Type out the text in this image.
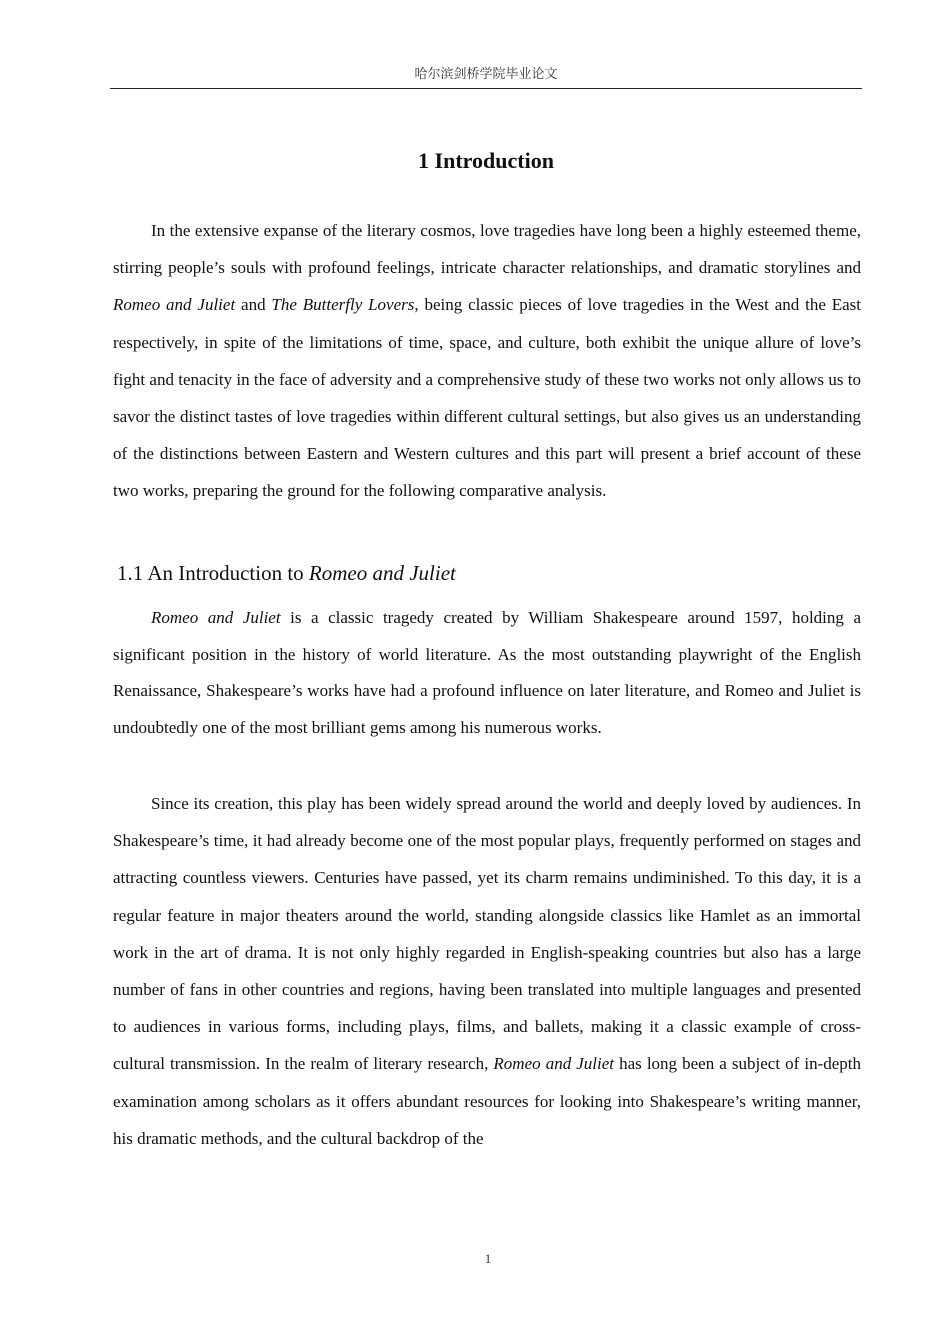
哈尔滨剑桥学院毕业论文
1 Introduction

In the extensive expanse of the literary cosmos, love tragedies have long been a highly esteemed theme, stirring people’s souls with profound feelings, intricate character relationships, and dramatic storylines and Romeo and Juliet and The Butterfly Lovers, being classic pieces of love tragedies in the West and the East respectively, in spite of the limitations of time, space, and culture, both exhibit the unique allure of love’s fight and tenacity in the face of adversity and a comprehensive study of these two works not only allows us to savor the distinct tastes of love tragedies within different cultural settings, but also gives us an understanding of the distinctions between Eastern and Western cultures and this part will present a brief account of these two works, preparing the ground for the following comparative analysis.

1.1 An Introduction to Romeo and Juliet

Romeo and Juliet is a classic tragedy created by William Shakespeare around 1597, holding a significant position in the history of world literature. As the most outstanding playwright of the English Renaissance, Shakespeare’s works have had a profound influence on later literature, and Romeo and Juliet is undoubtedly one of the most brilliant gems among his numerous works.

Since its creation, this play has been widely spread around the world and deeply loved by audiences. In Shakespeare’s time, it had already become one of the most popular plays, frequently performed on stages and attracting countless viewers. Centuries have passed, yet its charm remains undiminished. To this day, it is a regular feature in major theaters around the world, standing alongside classics like Hamlet as an immortal work in the art of drama. It is not only highly regarded in English-speaking countries but also has a large number of fans in other countries and regions, having been translated into multiple languages and presented to audiences in various forms, including plays, films, and ballets, making it a classic example of cross-cultural transmission. In the realm of literary research, Romeo and Juliet has long been a subject of in-depth examination among scholars as it offers abundant resources for looking into Shakespeare’s writing manner, his dramatic methods, and the cultural backdrop of the

1
